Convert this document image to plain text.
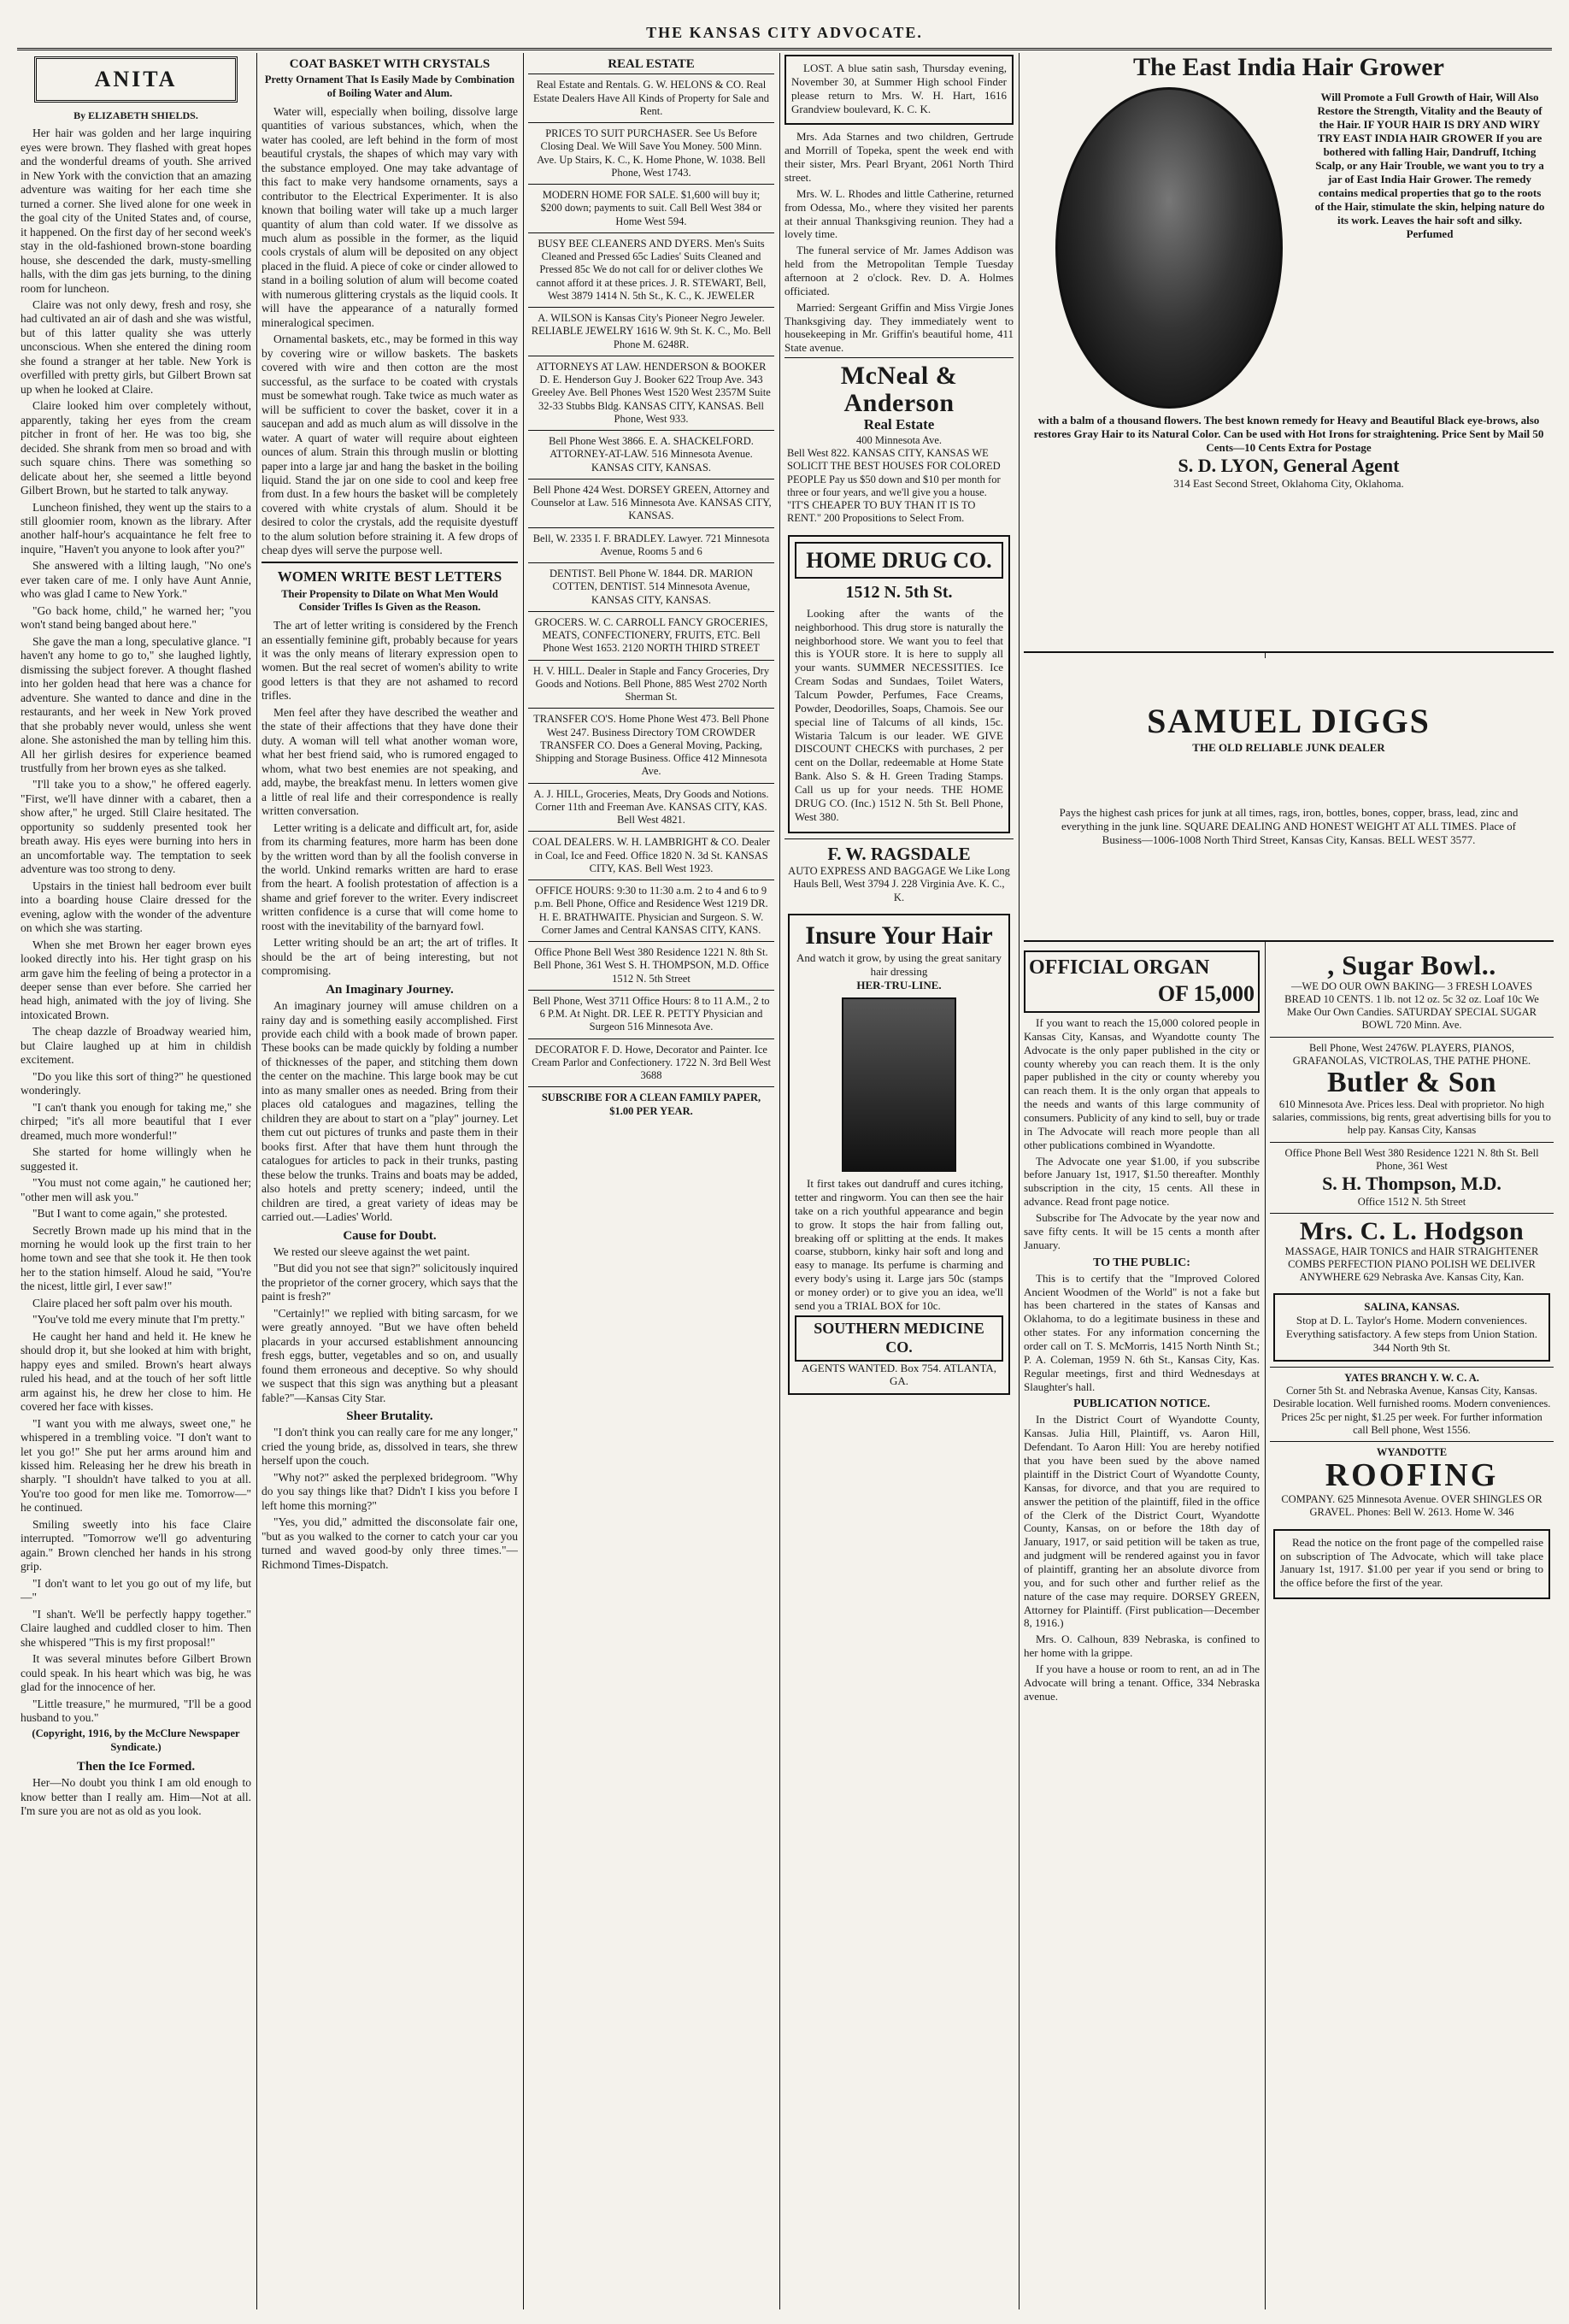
THE KANSAS CITY ADVOCATE.
ANITA
By ELIZABETH SHIELDS.

Her hair was golden and her large inquiring eyes were brown. They flashed with great hopes and the wonderful dreams of youth. She arrived in New York with the conviction that an amazing adventure was waiting for her each time she turned a corner. She lived alone for one week in the goal city of the United States and, of course, it happened. On the first day of her second week's stay in the old-fashioned brown-stone boarding house, she descended the dark, musty-smelling halls, with the dim gas jets burning, to the dining room for luncheon.

Claire was not only dewy, fresh and rosy, she had cultivated an air of dash and she was wistful, but of this latter quality she was utterly unconscious. When she entered the dining room she found a stranger at her table. New York is overfilled with pretty girls, but Gilbert Brown sat up when he looked at Claire.

Claire looked him over completely without, apparently, taking her eyes from the cream pitcher in front of her. He was too big, she decided. She shrank from men so broad and with such square chins. There was something so delicate about her, she seemed a little beyond Gilbert Brown, but he started to talk anyway.

Luncheon finished, they went up the stairs to a still gloomier room, known as the library. After another half-hour's acquaintance he felt free to inquire, "Haven't you anyone to look after you?"

She answered with a lilting laugh, "No one's ever taken care of me. I only have Aunt Annie, who was glad I came to New York."

"Go back home, child," he warned her; "you won't stand being banged about here."

She gave the man a long, speculative glance. "I haven't any home to go to," she laughed lightly, dismissing the subject forever. A thought flashed into her golden head that here was a chance for adventure. She wanted to dance and dine in the restaurants, and her week in New York proved that she probably never would, unless she went alone. She astonished the man by telling him this. All her girlish desires for experience beamed trustfully from her brown eyes as she talked.

"I'll take you to a show," he offered eagerly. "First, we'll have dinner with a cabaret, then a show after," he urged. Still Claire hesitated. The opportunity so suddenly presented took her breath away. His eyes were burning into hers in an uncomfortable way. The temptation to seek adventure was too strong to deny.

Upstairs in the tiniest hall bedroom ever built into a boarding house Claire dressed for the evening, aglow with the wonder of the adventure on which she was starting.

When she met Brown her eager brown eyes looked directly into his. Her tight grasp on his arm gave him the feeling of being a protector in a deeper sense than ever before. She carried her head high, animated with the joy of living. She intoxicated Brown.

The cheap dazzle of Broadway wearied him, but Claire laughed up at him in childish excitement.

"Do you like this sort of thing?" he questioned wonderingly.

"I can't thank you enough for taking me," she chirped; "it's all more beautiful that I ever dreamed, much more wonderful!"

She started for home willingly when he suggested it.

"You must not come again," he cautioned her; "other men will ask you."

"But I want to come again," she protested.

Secretly Brown made up his mind that in the morning he would look up the first train to her home town and see that she took it. He then took her to the station himself. Aloud he said, "You're the nicest, little girl, I ever saw!"

Claire placed her soft palm over his mouth.

"You've told me every minute that I'm pretty."

He caught her hand and held it. He knew he should drop it, but she looked at him with bright, happy eyes and smiled. Brown's heart always ruled his head, and at the touch of her soft little arm against his, he drew her close to him. He covered her face with kisses.

"I want you with me always, sweet one," he whispered in a trembling voice. "I don't want to let you go!" She put her arms around him and kissed him. Releasing her he drew his breath in sharply. "I shouldn't have talked to you at all. You're too good for men like me. Tomorrow—" he continued.

Smiling sweetly into his face Claire interrupted. "Tomorrow we'll go adventuring again." Brown clenched her hands in his strong grip.

"I don't want to let you go out of my life, but—"

"I shan't. We'll be perfectly happy together." Claire laughed and cuddled closer to him. Then she whispered "This is my first proposal!"

It was several minutes before Gilbert Brown could speak. In his heart which was big, he was glad for the innocence of her.

"Little treasure," he murmured, "I'll be a good husband to you."

(Copyright, 1916, by the McClure Newspaper Syndicate.)
Then the Ice Formed.

Her—No doubt you think I am old enough to know better than I really am. Him—Not at all. I'm sure you are not as old as you look.

COAT BASKET WITH CRYSTALS
Pretty Ornament That Is Easily Made by Combination of Boiling Water and Alum.

Water will, especially when boiling, dissolve large quantities of various substances, which, when the water has cooled, are left behind in the form of most beautiful crystals, the shapes of which may vary with the substance employed. One may take advantage of this fact to make very handsome ornaments, says a contributor to the Electrical Experimenter. It is also known that boiling water will take up a much larger quantity of alum than cold water. If we dissolve as much alum as possible in the former, as the liquid cools crystals of alum will be deposited on any object placed in the fluid. A piece of coke or cinder allowed to stand in a boiling solution of alum will become coated with numerous glittering crystals as the liquid cools. It will have the appearance of a naturally formed mineralogical specimen.

Ornamental baskets, etc., may be formed in this way by covering wire or willow baskets. The baskets covered with wire and then cotton are the most successful, as the surface to be coated with crystals must be somewhat rough. Take twice as much water as will be sufficient to cover the basket, cover it in a saucepan and add as much alum as will dissolve in the water. A quart of water will require about eighteen ounces of alum. Strain this through muslin or blotting paper into a large jar and hang the basket in the boiling liquid. Stand the jar on one side to cool and keep free from dust. In a few hours the basket will be completely covered with white crystals of alum. Should it be desired to color the crystals, add the requisite dyestuff to the alum solution before straining it. A few drops of cheap dyes will serve the purpose well.

WOMEN WRITE BEST LETTERS
Their Propensity to Dilate on What Men Would Consider Trifles Is Given as the Reason.

The art of letter writing is considered by the French an essentially feminine gift, probably because for years it was the only means of literary expression open to women. But the real secret of women's ability to write good letters is that they are not ashamed to record trifles.

Men feel after they have described the weather and the state of their affections that they have done their duty. A woman will tell what another woman wore, what her best friend said, who is rumored engaged to whom, what two best enemies are not speaking, and add, maybe, the breakfast menu. In letters women give a little of real life and their correspondence is really written conversation.

Letter writing is a delicate and difficult art, for, aside from its charming features, more harm has been done by the written word than by all the foolish converse in the world. Unkind remarks written are hard to erase from the heart. A foolish protestation of affection is a shame and grief forever to the writer. Every indiscreet written confidence is a curse that will come home to roost with the inevitability of the barnyard fowl.

Letter writing should be an art; the art of trifles. It should be the art of being interesting, but not compromising.

An Imaginary Journey.

An imaginary journey will amuse children on a rainy day and is something easily accomplished. First provide each child with a book made of brown paper. These books can be made quickly by folding a number of thicknesses of the paper, and stitching them down the center on the machine. This large book may be cut into as many smaller ones as needed. Bring from their places old catalogues and magazines, telling the children they are about to start on a "play" journey. Let them cut out pictures of trunks and paste them in their books first. After that have them hunt through the catalogues for articles to pack in their trunks, pasting these below the trunks. Trains and boats may be added, also hotels and pretty scenery; indeed, until the children are tired, a great variety of ideas may be carried out.—Ladies' World.

Cause for Doubt.

We rested our sleeve against the wet paint.

"But did you not see that sign?" solicitously inquired the proprietor of the corner grocery, which says that the paint is fresh?"

"Certainly!" we replied with biting sarcasm, for we were greatly annoyed. "But we have often beheld placards in your accursed establishment announcing fresh eggs, butter, vegetables and so on, and usually found them erroneous and deceptive. So why should we suspect that this sign was anything but a pleasant fable?"—Kansas City Star.

Sheer Brutality.

"I don't think you can really care for me any longer," cried the young bride, as, dissolved in tears, she threw herself upon the couch.

"Why not?" asked the perplexed bridegroom. "Why do you say things like that? Didn't I kiss you before I left home this morning?"

"Yes, you did," admitted the disconsolate fair one, "but as you walked to the corner to catch your car you turned and waved good-by only three times."—Richmond Times-Dispatch.

REAL ESTATE
Real Estate and Rentals. G. W. HELONS & CO. Real Estate Dealers Have All Kinds of Property for Sale and Rent.
PRICES TO SUIT PURCHASER. See Us Before Closing Deal. We Will Save You Money. 500 Minn. Ave. Up Stairs, K. C., K. Home Phone, W. 1038. Bell Phone, West 1743.
MODERN HOME FOR SALE. $1,600 will buy it; $200 down; payments to suit. Call Bell West 384 or Home West 594.
BUSY BEE CLEANERS AND DYERS. Men's Suits Cleaned and Pressed 65c Ladies' Suits Cleaned and Pressed 85c We do not call for or deliver clothes We cannot afford it at these prices. J. R. STEWART, Bell, West 3879 1414 N. 5th St., K. C., K. JEWELER
A. WILSON is Kansas City's Pioneer Negro Jeweler. RELIABLE JEWELRY 1616 W. 9th St. K. C., Mo. Bell Phone M. 6248R.
ATTORNEYS AT LAW. HENDERSON & BOOKER D. E. Henderson Guy J. Booker 622 Troup Ave. 343 Greeley Ave. Bell Phones West 1520 West 2357M Suite 32-33 Stubbs Bldg. KANSAS CITY, KANSAS. Bell Phone, West 933.
Bell Phone West 3866. E. A. SHACKELFORD. ATTORNEY-AT-LAW. 516 Minnesota Avenue. KANSAS CITY, KANSAS.
Bell Phone 424 West. DORSEY GREEN, Attorney and Counselor at Law. 516 Minnesota Ave. KANSAS CITY, KANSAS.
Bell, W. 2335 I. F. BRADLEY. Lawyer. 721 Minnesota Avenue, Rooms 5 and 6
DENTIST. Bell Phone W. 1844. DR. MARION COTTEN, DENTIST. 514 Minnesota Avenue, KANSAS CITY, KANSAS.
GROCERS. W. C. CARROLL FANCY GROCERIES, MEATS, CONFECTIONERY, FRUITS, ETC. Bell Phone West 1653. 2120 NORTH THIRD STREET
H. V. HILL. Dealer in Staple and Fancy Groceries, Dry Goods and Notions. Bell Phone, 885 West 2702 North Sherman St.
TRANSFER CO'S. Home Phone West 473. Bell Phone West 247. Business Directory TOM CROWDER TRANSFER CO. Does a General Moving, Packing, Shipping and Storage Business. Office 412 Minnesota Ave.
A. J. HILL, Groceries, Meats, Dry Goods and Notions. Corner 11th and Freeman Ave. KANSAS CITY, KAS. Bell West 4821.
COAL DEALERS. W. H. LAMBRIGHT & CO. Dealer in Coal, Ice and Feed. Office 1820 N. 3d St. KANSAS CITY, KAS. Bell West 1923.
OFFICE HOURS: 9:30 to 11:30 a.m. 2 to 4 and 6 to 9 p.m. Bell Phone, Office and Residence West 1219 DR. H. E. BRATHWAITE. Physician and Surgeon. S. W. Corner James and Central KANSAS CITY, KANS.
Office Phone Bell West 380 Residence 1221 N. 8th St. Bell Phone, 361 West S. H. THOMPSON, M.D. Office 1512 N. 5th Street
Bell Phone, West 3711 Office Hours: 8 to 11 A.M., 2 to 6 P.M. At Night. DR. LEE R. PETTY Physician and Surgeon 516 Minnesota Ave.
DECORATOR F. D. Howe, Decorator and Painter. Ice Cream Parlor and Confectionery. 1722 N. 3rd Bell West 3688
SUBSCRIBE FOR A CLEAN FAMILY PAPER, $1.00 PER YEAR.

LOST. A blue satin sash, Thursday evening, November 30, at Summer High school Finder please return to Mrs. W. H. Hart, 1616 Grandview boulevard, K. C. K.

Mrs. Ada Starnes and two children, Gertrude and Morrill of Topeka, spent the week end with their sister, Mrs. Pearl Bryant, 2061 North Third street.

Mrs. W. L. Rhodes and little Catherine, returned from Odessa, Mo., where they visited her parents at their annual Thanksgiving reunion. They had a lovely time.

The funeral service of Mr. James Addison was held from the Metropolitan Temple Tuesday afternoon at 2 o'clock. Rev. D. A. Holmes officiated.

Married: Sergeant Griffin and Miss Virgie Jones Thanksgiving day. They immediately went to housekeeping in Mr. Griffin's beautiful home, 411 State avenue.

McNeal & Anderson
Real Estate
400 Minnesota Ave.
Bell West 822. KANSAS CITY, KANSAS WE SOLICIT THE BEST HOUSES FOR COLORED PEOPLE Pay us $50 down and $10 per month for three or four years, and we'll give you a house. "IT'S CHEAPER TO BUY THAN IT IS TO RENT." 200 Propositions to Select From.
HOME DRUG CO.
1512 N. 5th St.

Looking after the wants of the neighborhood. This drug store is naturally the neighborhood store. We want you to feel that this is YOUR store. It is here to supply all your wants. SUMMER NECESSITIES. Ice Cream Sodas and Sundaes, Toilet Waters, Talcum Powder, Perfumes, Face Creams, Powder, Deodorilles, Soaps, Chamois. See our special line of Talcums of all kinds, 15c. Wistaria Talcum is our leader. WE GIVE DISCOUNT CHECKS with purchases, 2 per cent on the Dollar, redeemable at Home State Bank. Also S. & H. Green Trading Stamps. Call us up for your needs. THE HOME DRUG CO. (Inc.) 1512 N. 5th St. Bell Phone, West 380.

F. W. RAGSDALE
AUTO EXPRESS AND BAGGAGE We Like Long Hauls Bell, West 3794 J. 228 Virginia Ave. K. C., K.
Insure Your Hair
And watch it grow, by using the great sanitary hair dressing
HER-TRU-LINE.

It first takes out dandruff and cures itching, tetter and ringworm. You can then see the hair take on a rich youthful appearance and begin to grow. It stops the hair from falling out, breaking off or splitting at the ends. It makes coarse, stubborn, kinky hair soft and long and easy to manage. Its perfume is charming and every body's using it. Large jars 50c (stamps or money order) or to give you an idea, we'll send you a TRIAL BOX for 10c.

SOUTHERN MEDICINE CO.
AGENTS WANTED. Box 754. ATLANTA, GA.
The East India Hair Grower
Will Promote a Full Growth of Hair, Will Also Restore the Strength, Vitality and the Beauty of the Hair. IF YOUR HAIR IS DRY AND WIRY TRY EAST INDIA HAIR GROWER If you are bothered with falling Hair, Dandruff, Itching Scalp, or any Hair Trouble, we want you to try a jar of East India Hair Grower. The remedy contains medical properties that go to the roots of the Hair, stimulate the skin, helping nature do its work. Leaves the hair soft and silky. Perfumed
with a balm of a thousand flowers. The best known remedy for Heavy and Beautiful Black eye-brows, also restores Gray Hair to its Natural Color. Can be used with Hot Irons for straightening. Price Sent by Mail 50 Cents—10 Cents Extra for Postage
S. D. LYON, General Agent
314 East Second Street, Oklahoma City, Oklahoma.
SAMUEL DIGGS
THE OLD RELIABLE JUNK DEALER
Pays the highest cash prices for junk at all times, rags, iron, bottles, bones, copper, brass, lead, zinc and everything in the junk line. SQUARE DEALING AND HONEST WEIGHT AT ALL TIMES. Place of Business—1006-1008 North Third Street, Kansas City, Kansas. BELL WEST 3577.
OFFICIAL ORGAN
OF 15,000

If you want to reach the 15,000 colored people in Kansas City, Kansas, and Wyandotte county The Advocate is the only paper published in the city or county whereby you can reach them. It is the only paper published in the city or county whereby you can reach them. It is the only organ that appeals to the needs and wants of this large community of consumers. Publicity of any kind to sell, buy or trade in The Advocate will reach more people than all other publications combined in Wyandotte.

The Advocate one year $1.00, if you subscribe before January 1st, 1917, $1.50 thereafter. Monthly subscription in the city, 15 cents. All these in advance. Read front page notice.

Subscribe for The Advocate by the year now and save fifty cents. It will be 15 cents a month after January.

TO THE PUBLIC:

This is to certify that the "Improved Colored Ancient Woodmen of the World" is not a fake but has been chartered in the states of Kansas and Oklahoma, to do a legitimate business in these and other states. For any information concerning the order call on T. S. McMorris, 1415 North Ninth St.; P. A. Coleman, 1959 N. 6th St., Kansas City, Kas. Regular meetings, first and third Wednesdays at Slaughter's hall.

PUBLICATION NOTICE.

In the District Court of Wyandotte County, Kansas. Julia Hill, Plaintiff, vs. Aaron Hill, Defendant. To Aaron Hill: You are hereby notified that you have been sued by the above named plaintiff in the District Court of Wyandotte County, Kansas, for divorce, and that you are required to answer the petition of the plaintiff, filed in the office of the Clerk of the District Court, Wyandotte County, Kansas, on or before the 18th day of January, 1917, or said petition will be taken as true, and judgment will be rendered against you in favor of plaintiff, granting her an absolute divorce from you, and for such other and further relief as the nature of the case may require. DORSEY GREEN, Attorney for Plaintiff. (First publication—December 8, 1916.)

Mrs. O. Calhoun, 839 Nebraska, is confined to her home with la grippe.

If you have a house or room to rent, an ad in The Advocate will bring a tenant. Office, 334 Nebraska avenue.

, Sugar Bowl..
—WE DO OUR OWN BAKING— 3 FRESH LOAVES BREAD 10 CENTS. 1 lb. not 12 oz. 5c 32 oz. Loaf 10c We Make Our Own Candies. SATURDAY SPECIAL SUGAR BOWL 720 Minn. Ave.
Bell Phone, West 2476W. PLAYERS, PIANOS, GRAFANOLAS, VICTROLAS, THE PATHE PHONE.
Butler & Son
610 Minnesota Ave. Prices less. Deal with proprietor. No high salaries, commissions, big rents, great advertising bills for you to help pay. Kansas City, Kansas
Office Phone Bell West 380 Residence 1221 N. 8th St. Bell Phone, 361 West
S. H. Thompson, M.D.
Office 1512 N. 5th Street
Mrs. C. L. Hodgson
MASSAGE, HAIR TONICS and HAIR STRAIGHTENER COMBS PERFECTION PIANO POLISH WE DELIVER ANYWHERE 629 Nebraska Ave. Kansas City, Kan.
SALINA, KANSAS.
Stop at D. L. Taylor's Home. Modern conveniences. Everything satisfactory. A few steps from Union Station. 344 North 9th St.
YATES BRANCH Y. W. C. A.
Corner 5th St. and Nebraska Avenue, Kansas City, Kansas. Desirable location. Well furnished rooms. Modern conveniences. Prices 25c per night, $1.25 per week. For further information call Bell phone, West 1556.
WYANDOTTE
ROOFING
COMPANY. 625 Minnesota Avenue. OVER SHINGLES OR GRAVEL. Phones: Bell W. 2613. Home W. 346

Read the notice on the front page of the compelled raise on subscription of The Advocate, which will take place January 1st, 1917. $1.00 per year if you send or bring to the office before the first of the year.
